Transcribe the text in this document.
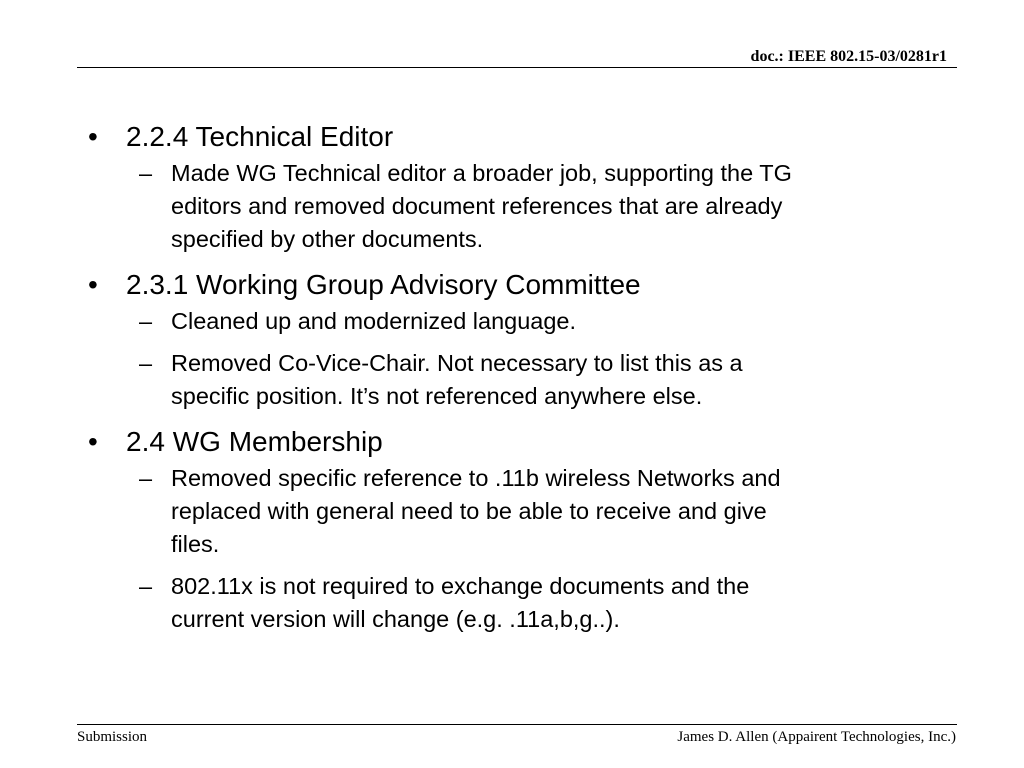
doc.: IEEE 802.15-03/0281r1
• 2.2.4 Technical Editor
– Made WG Technical editor a broader job, supporting the TG
editors and removed document references that are already
specified by other documents.
• 2.3.1 Working Group Advisory Committee
– Cleaned up and modernized language.
– Removed Co-Vice-Chair. Not necessary to list this as a
specific position. It’s not referenced anywhere else.
• 2.4 WG Membership
– Removed specific reference to .11b wireless Networks and
replaced with general need to be able to receive and give
files.
– 802.11x is not required to exchange documents and the
current version will change (e.g. .11a,b,g..).
Submission	James D. Allen (Appairent Technologies, Inc.)
